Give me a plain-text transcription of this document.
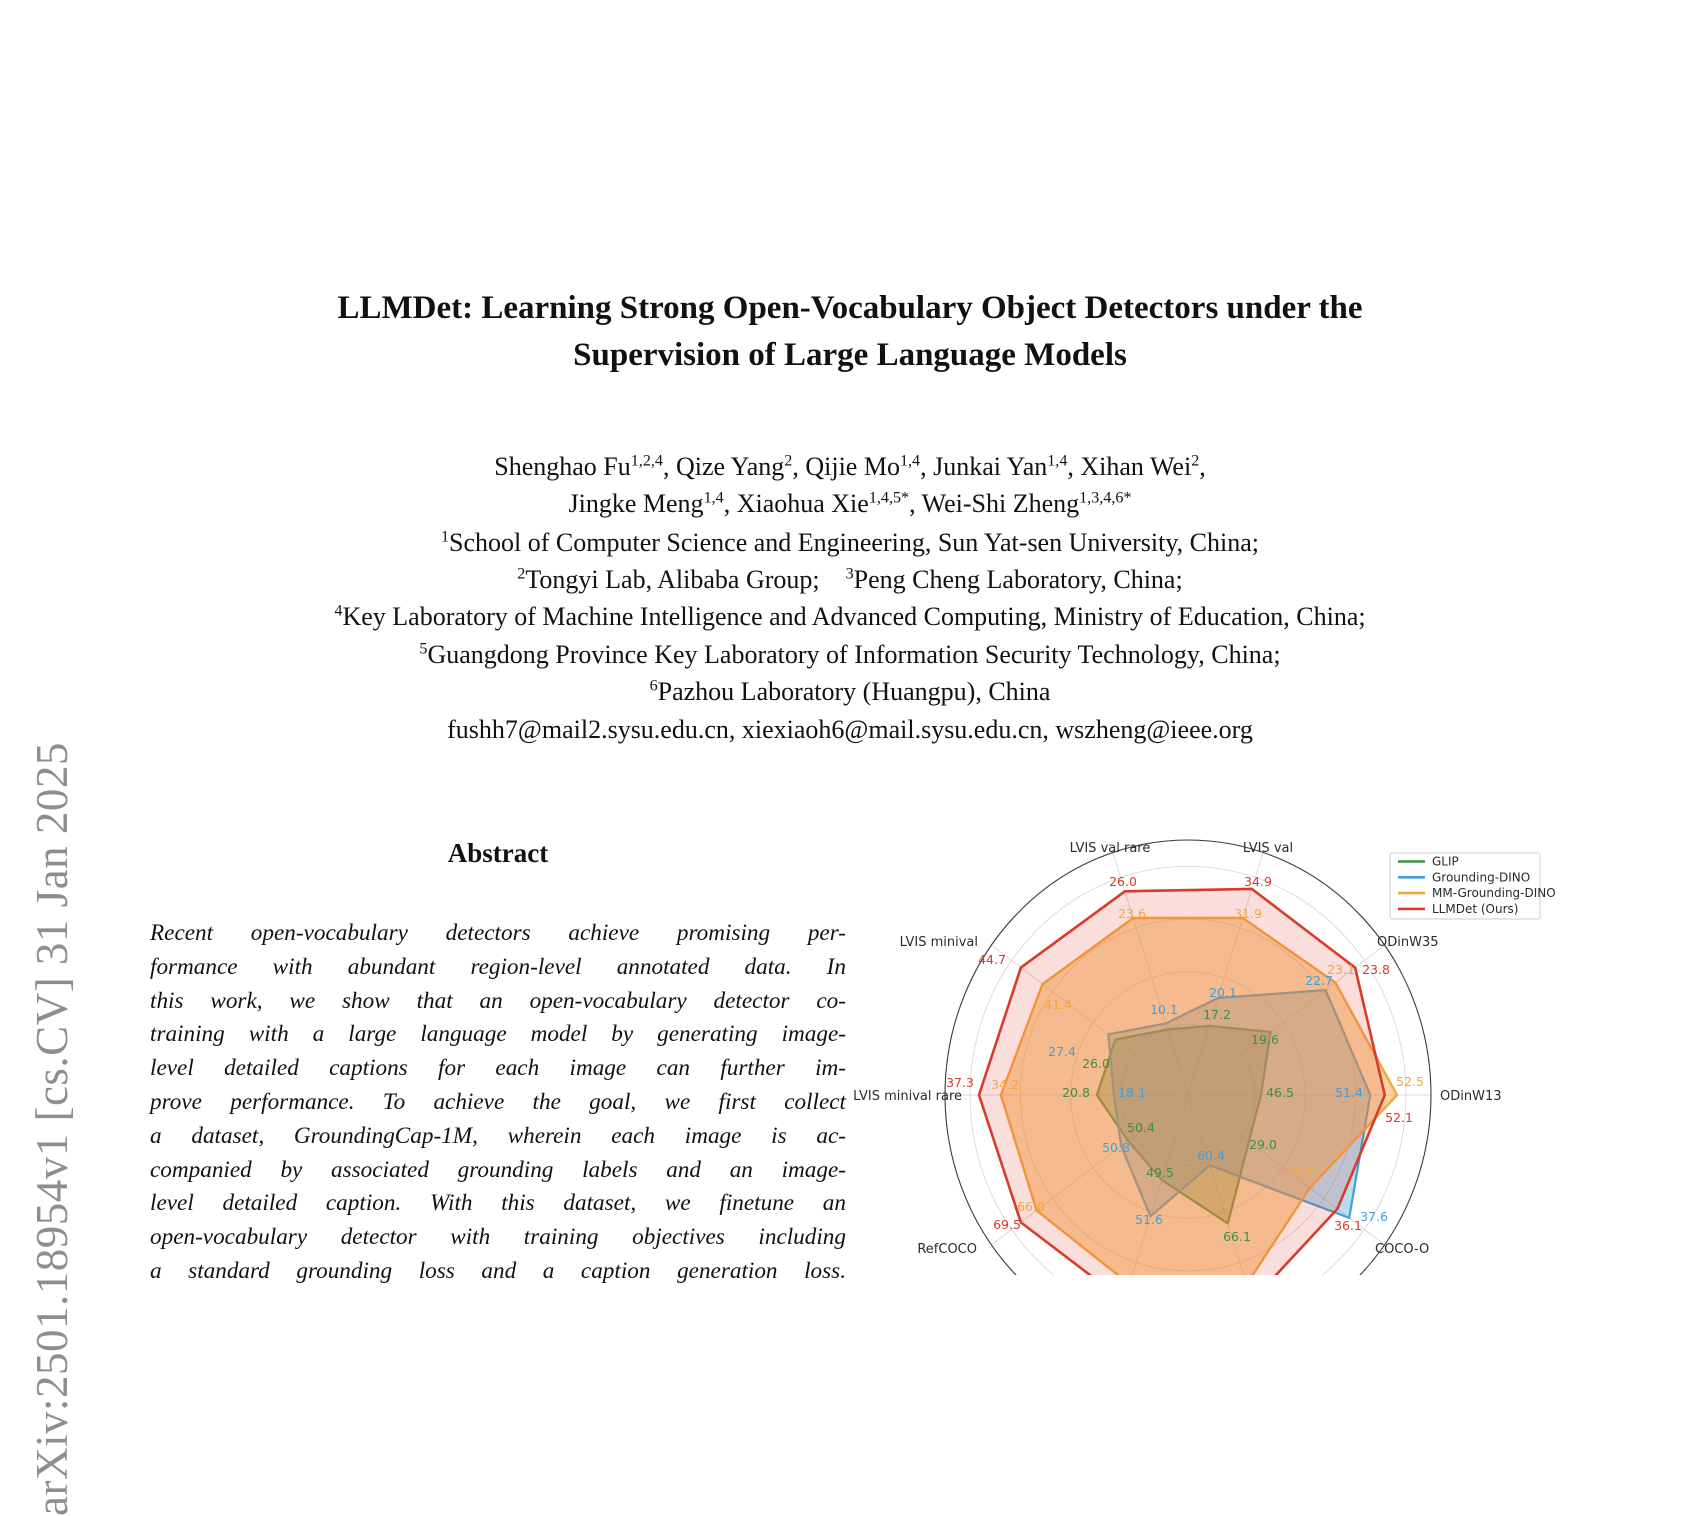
arXiv:2501.18954v1 [cs.CV] 31 Jan 2025
LLMDet: Learning Strong Open-Vocabulary Object Detectors under the
Supervision of Large Language Models
Shenghao Fu$^{1,2,4}$, Qize Yang$^2$, Qijie Mo$^{1,4}$, Junkai Yan$^{1,4}$, Xihan Wei$^2$,
Jingke Meng$^{1,4}$, Xiaohua Xie$^{1,4,5*}$, Wei-Shi Zheng$^{1,3,4,6*}$
$^1$School of Computer Science and Engineering, Sun Yat-sen University, China;
$^2$Tongyi Lab, Alibaba Group;    $^3$Peng Cheng Laboratory, China;
$^4$Key Laboratory of Machine Intelligence and Advanced Computing, Ministry of Education, China;
$^5$Guangdong Province Key Laboratory of Information Security Technology, China;
$^6$Pazhou Laboratory (Huangpu), China
fushh7@mail2.sysu.edu.cn, xiexiaoh6@mail.sysu.edu.cn, wszheng@ieee.org
Abstract
Recent open-vocabulary detectors achieve promising per-
formance with abundant region-level annotated data. In
this work, we show that an open-vocabulary detector co-
training with a large language model by generating image-
level detailed captions for each image can further im-
prove performance. To achieve the goal, we first collect
a dataset, GroundingCap-1M, wherein each image is ac-
companied by associated grounding labels and an image-
level detailed caption. With this dataset, we finetune an
open-vocabulary detector with training objectives including
a standard grounding loss and a caption generation loss.
ODinW13
ODinW35
LVIS val
LVIS val rare
LVIS minival
LVIS minival rare
RefCOCO	COCO-O
46.5
19.6
17.2
26.0
20.8
50.4
49.5
66.1
29.0
51.4
22.7
20.1
10.1
27.4
18.1
50.8
51.6
60.4
37.6
52.5
23.1
31.9
23.6
41.4
34.2
66.0
34.0
52.1
23.8
34.9
26.0
44.7
37.3
69.5	36.1
GLIP
Grounding-DINO
MM-Grounding-DINO
LLMDet (Ours)
